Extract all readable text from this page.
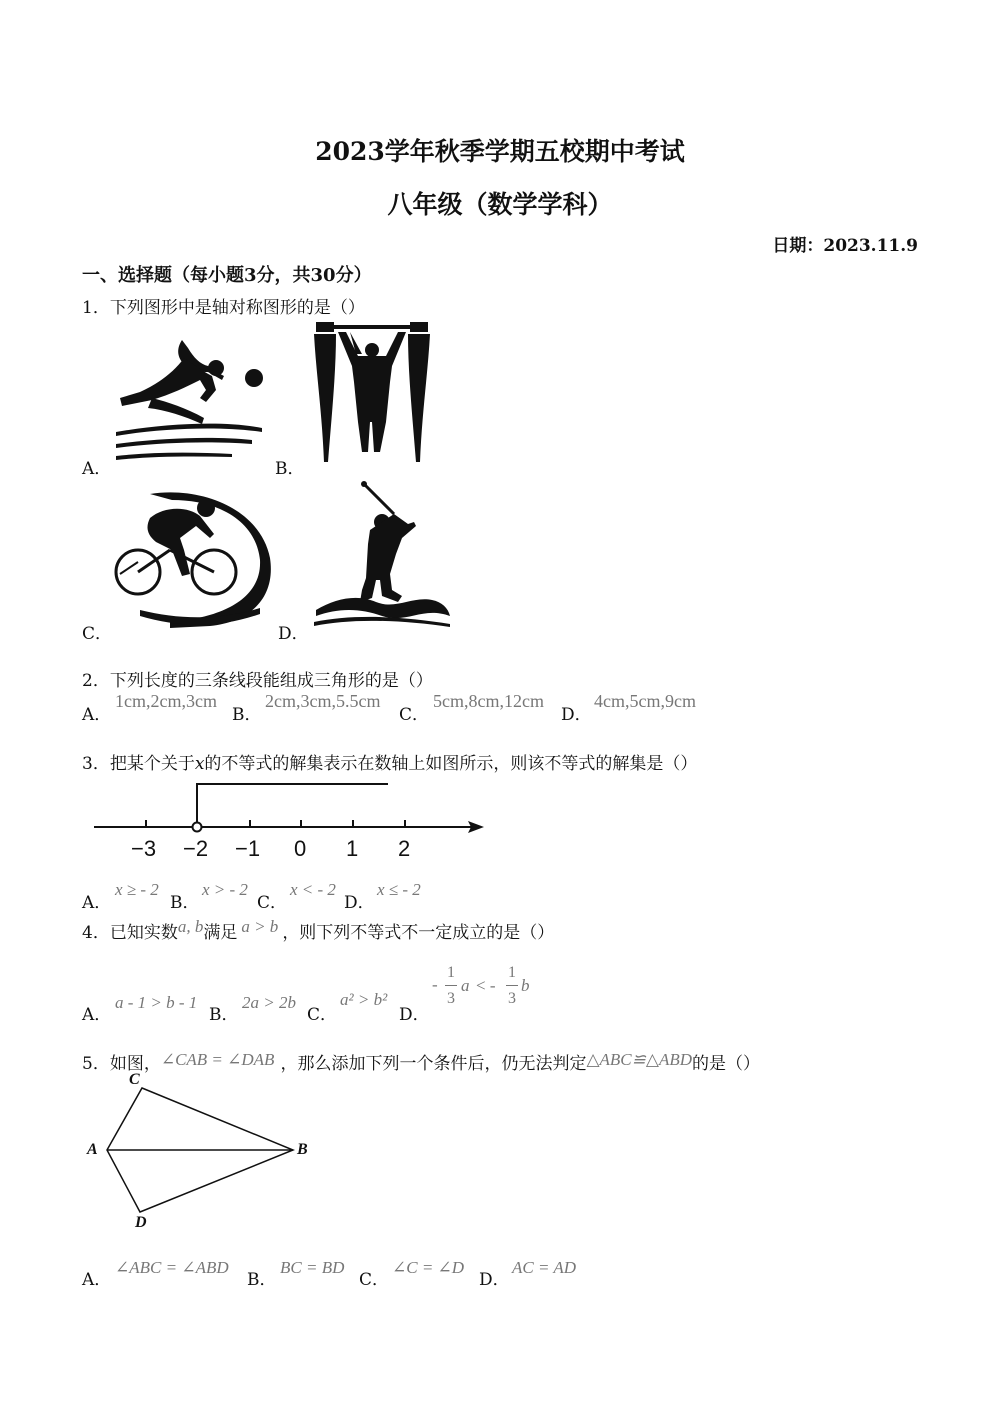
2023学年秋季学期五校期中考试
八年级（数学学科）
日期：2023.11.9
一、选择题（每小题3分，共30分）
1．下列图形中是轴对称图形的是（）
A．	B．
C．	D．
2．下列长度的三条线段能组成三角形的是（）
A．
1cm,2cm,3cm
B．
2cm,3cm,5.5cm
C．
5cm,8cm,12cm
D．
4cm,5cm,9cm
3．把某个关于x的不等式的解集表示在数轴上如图所示，则该不等式的解集是（）
−3 −2 −1 0 1 2
A．
x ≥ - 2
B．
x > - 2
C．
x < - 2
D．
x ≤ - 2
4．已知实数a, b满足 a > b ，则下列不等式不一定成立的是（）
A．
a - 1 > b - 1
B．
2a > 2b
C．
a² > b²
D．
-
1
3
a < -
1
3
b
5．如图，∠CAB = ∠DAB ，那么添加下列一个条件后，仍无法判定△ABC≌△ABD的是（）
C
A	B
D
A．
∠ABC = ∠ABD
B．
BC = BD
C．
∠C = ∠D
D．
AC = AD
